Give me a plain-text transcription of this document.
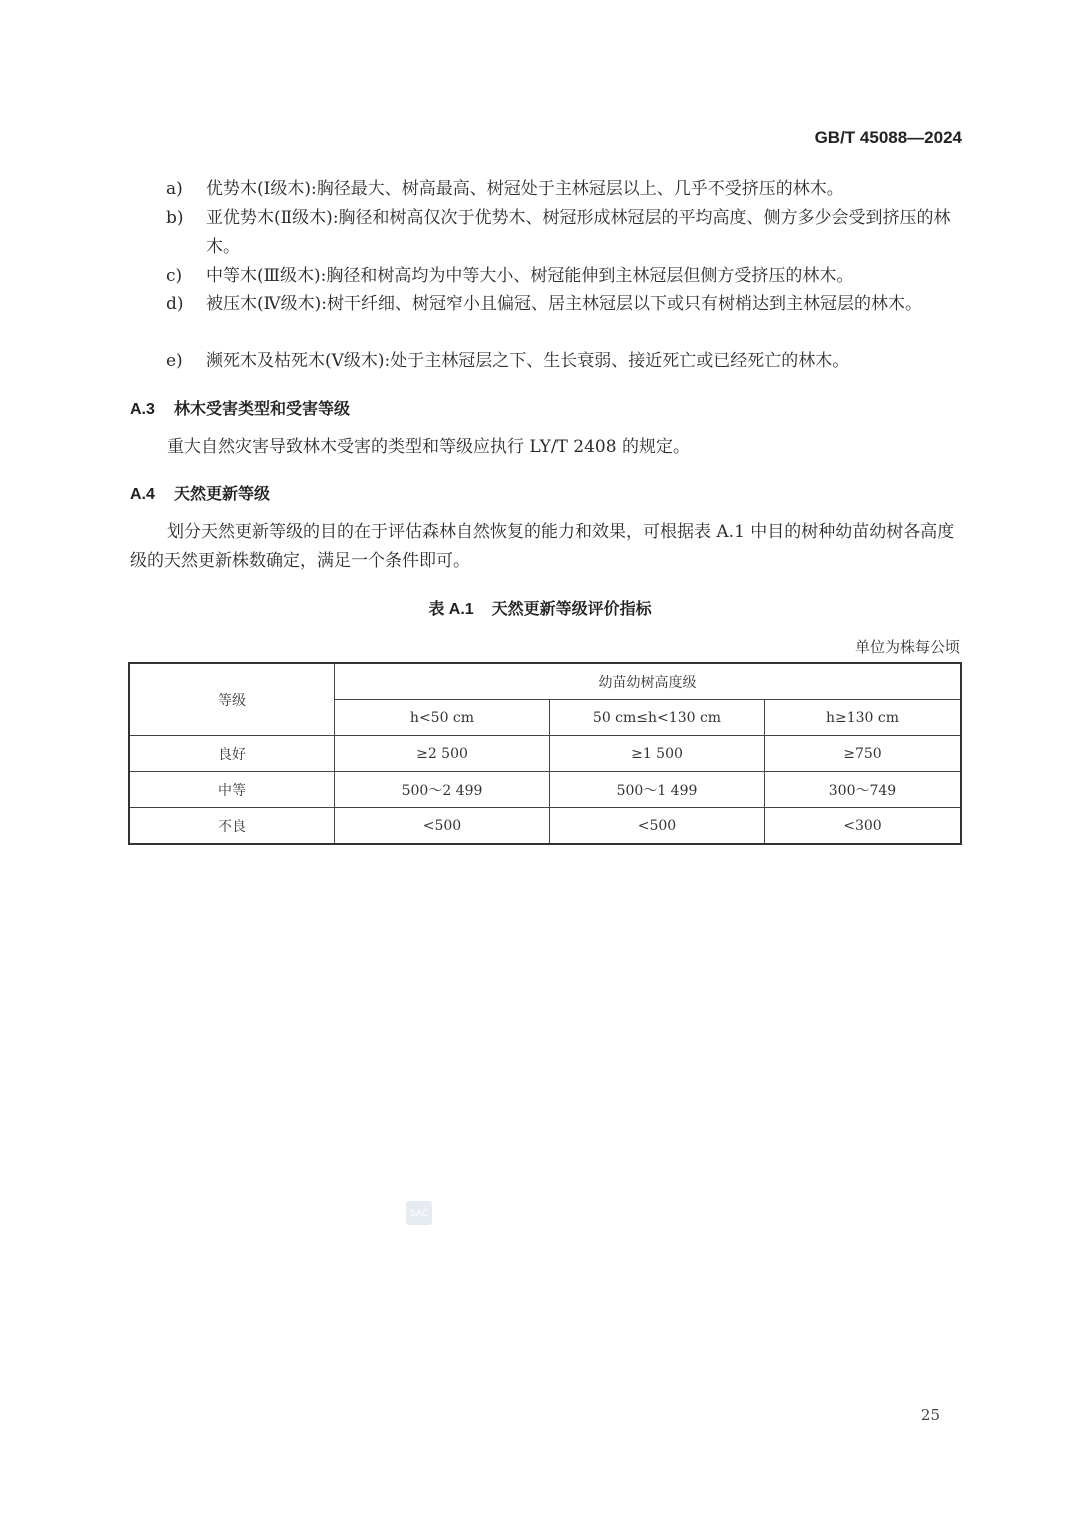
GB/T 45088—2024
a)	优势木(Ⅰ级木):胸径最大、树高最高、树冠处于主林冠层以上、几乎不受挤压的林木。
b)	亚优势木(Ⅱ级木):胸径和树高仅次于优势木、树冠形成林冠层的平均高度、侧方多少会受到挤压的林木。
c)	中等木(Ⅲ级木):胸径和树高均为中等大小、树冠能伸到主林冠层但侧方受挤压的林木。
d)	被压木(Ⅳ级木):树干纤细、树冠窄小且偏冠、居主林冠层以下或只有树梢达到主林冠层的林木。
e)	濒死木及枯死木(Ⅴ级木):处于主林冠层之下、生长衰弱、接近死亡或已经死亡的林木。
A.3 林木受害类型和受害等级
重大自然灾害导致林木受害的类型和等级应执行 LY/T 2408 的规定。
A.4 天然更新等级
划分天然更新等级的目的在于评估森林自然恢复的能力和效果，可根据表 A.1 中目的树种幼苗幼树各高度级的天然更新株数确定，满足一个条件即可。
表 A.1 天然更新等级评价指标
单位为株每公顷
等级	幼苗幼树高度级		
	h<50 cm	50 cm≤h<130 cm	h≥130 cm
良好	≥2 500	≥1 500	≥750
中等	500～2 499	500～1 499	300～749
不良	<500	<500	<300
SAC
25
